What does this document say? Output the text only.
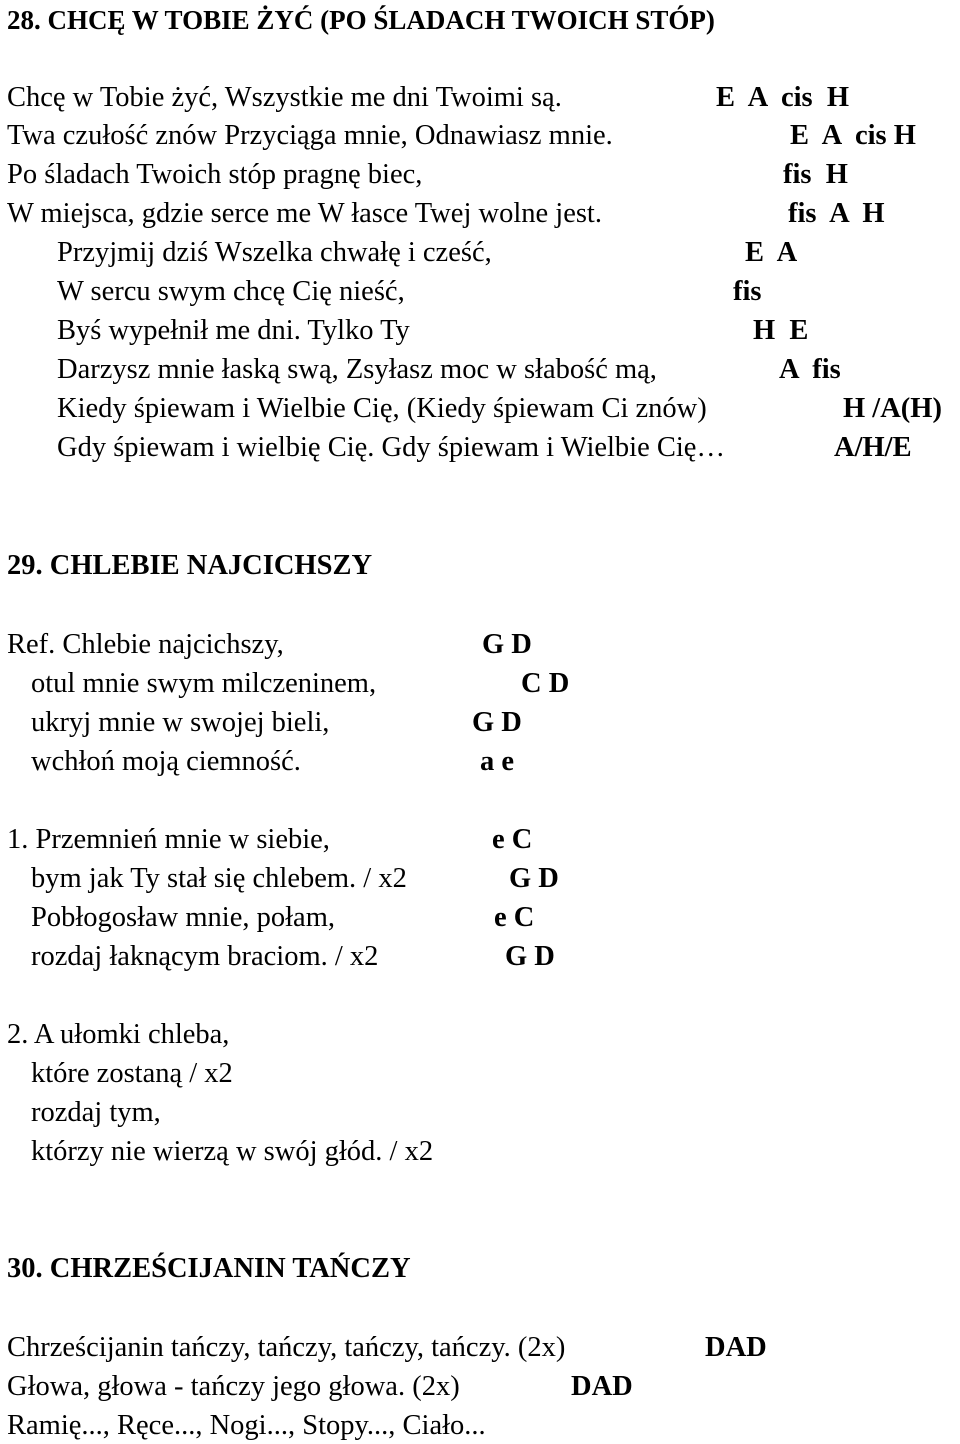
28. CHCĘ W TOBIE ŻYĆ (PO ŚLADACH TWOICH STÓP)
Chcę w Tobie żyć, Wszystkie me dni Twoimi są.	E  A  cis  H
Twa czułość znów Przyciąga mnie, Odnawiasz mnie.	E  A  cis H
Po śladach Twoich stóp pragnę biec,	fis  H
W miejsca, gdzie serce me W łasce Twej wolne jest.	fis  A  H
Przyjmij dziś Wszelka chwałę i cześć,	E  A
W sercu swym chcę Cię nieść,	fis
Byś wypełnił me dni. Tylko Ty	H  E
Darzysz mnie łaską swą, Zsyłasz moc w słabość mą,	A  fis
Kiedy śpiewam i Wielbie Cię, (Kiedy śpiewam Ci znów)	H /A(H)
Gdy śpiewam i wielbię Cię. Gdy śpiewam i Wielbie Cię…	A/H/E
29. CHLEBIE NAJCICHSZY
Ref. Chlebie najcichszy,	G D
otul mnie swym milczeninem,	C D
ukryj mnie w swojej bieli,	G D
wchłoń moją ciemność.	a e
1. Przemnień mnie w siebie,	e C
bym jak Ty stał się chlebem. / x2	G D
Pobłogosław mnie, połam,	e C
rozdaj łaknącym braciom. / x2	G D
2. A ułomki chleba,
które zostaną / x2
rozdaj tym,
którzy nie wierzą w swój głód. / x2
30. CHRZEŚCIJANIN TAŃCZY
Chrześcijanin tańczy, tańczy, tańczy, tańczy. (2x)	DAD
Głowa, głowa - tańczy jego głowa. (2x)	DAD
Ramię..., Ręce..., Nogi..., Stopy..., Ciało...
